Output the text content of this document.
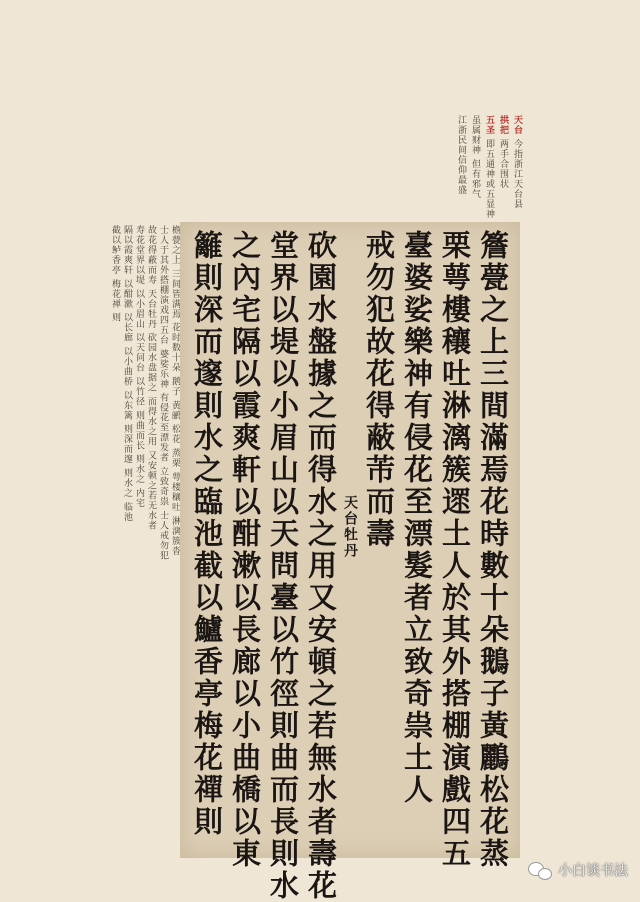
天台 今指浙江天台县
拱把 两手合围状
五圣 即五通神或五显神
虽属财神 但有邪气
江浙民间信仰最盛
檐甍之上 三间皆满焉 花时数十朵 鹅子 黄鹂 松花 蒸栗 萼楼穰吐 淋漓簇沓
士人于其外搭棚演戏四五台 婆娑乐神 有侵花至漂发者 立致奇祟 士人戒勿犯
故花得蔽而寿 天台牡丹 砍园水盘据之 而得水之用 又安顿之若无水者
寿花堂界以堤 以小眉山 以天问台 以竹径 则曲而长 则水之 内宅
隔以霞爽轩 以酣漱 以长廊 以小曲桥 以东篱 则深而邃 则水之 临池
截以鲈香亭 梅花禅 则	簷甍之上三間滿焉花時數十朵鵝子黃鸝松花蒸
栗萼樓穰吐淋漓簇遝土人於其外搭棚演戲四五
臺婆娑樂神有侵花至漂髮者立致奇祟土人
戒勿犯故花得蔽芾而壽
天台牡丹
砍園水盤據之而得水之用又安頓之若無水者壽花
堂界以堤以小眉山以天問臺以竹徑則曲而長則水
之內宅隔以霞爽軒以酣漱以長廊以小曲橋以東
籬則深而邃則水之臨池截以鱸香亭梅花禪則
小白谈书法
